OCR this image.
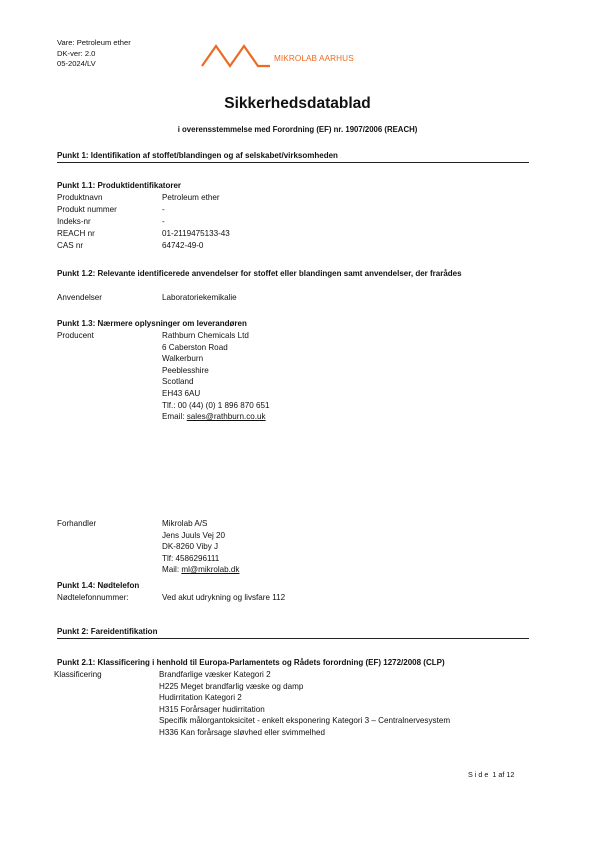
Vare: Petroleum ether
DK-ver: 2.0
05-2024/LV
MIKROLAB AARHUS
Sikkerhedsdatablad
i overensstemmelse med Forordning (EF) nr. 1907/2006 (REACH)
Punkt 1: Identifikation af stoffet/blandingen og af selskabet/virksomheden
Punkt 1.1: Produktidentifikatorer
Produktnavn	Petroleum ether
Produkt nummer	-
Indeks-nr	-
REACH nr	01-2119475133-43
CAS nr	64742-49-0
Punkt 1.2: Relevante identificerede anvendelser for stoffet eller blandingen samt anvendelser, der frarådes
Anvendelser	Laboratoriekemikalie
Punkt 1.3: Nærmere oplysninger om leverandøren
Producent	Rathburn Chemicals Ltd
6 Caberston Road
Walkerburn
Peeblesshire
Scotland
EH43 6AU
Tlf.: 00 (44) (0) 1 896 870 651
Email: sales@rathburn.co.uk
Forhandler	Mikrolab A/S
Jens Juuls Vej 20
DK-8260 Viby J
Tlf: 4586296111
Mail: ml@mikrolab.dk
Punkt 1.4: Nødtelefon
Nødtelefonnummer:	Ved akut udrykning og livsfare 112
Punkt 2: Fareidentifikation
Punkt 2.1: Klassificering i henhold til Europa-Parlamentets og Rådets forordning (EF) 1272/2008 (CLP)
Klassificering	Brandfarlige væsker Kategori 2
H225 Meget brandfarlig væske og damp
Hudirritation Kategori 2
H315 Forårsager hudirritation
Specifik målorgantoksicitet - enkelt eksponering Kategori 3 – Centralnervesystem
H336 Kan forårsage sløvhed eller svimmelhed
Side 1 af 12
